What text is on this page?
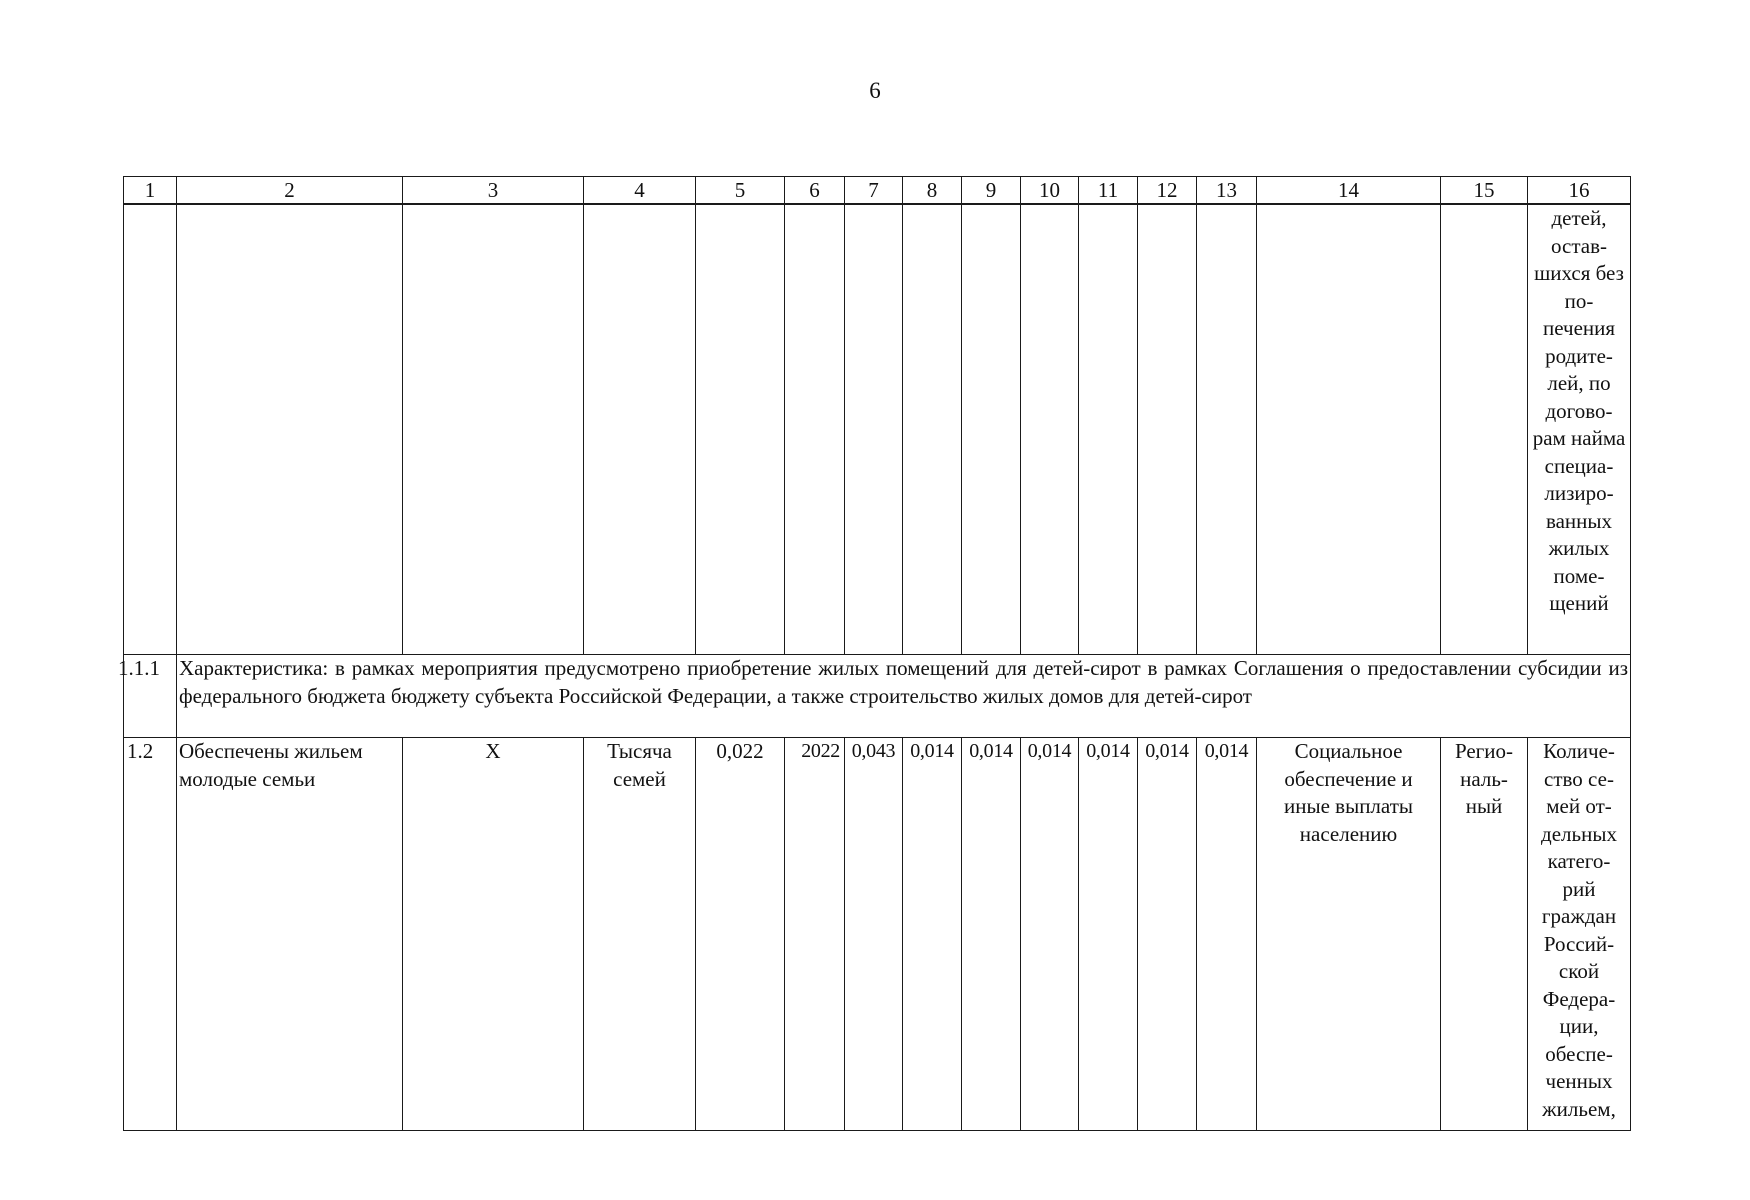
6
1	2	3	4	5	6	7	8	9	10	11	12	13	14	15	16
															детей, остав- шихся без по- печения родите- лей, по догово- рам найма специа- лизиро- ванных жилых поме- щений

1.1.1	Характеристика: в рамках мероприятия предусмотрено приобретение жилых помещений для детей-сирот в рамках Соглашения о предоставлении субсидии из федерального бюджета бюджету субъекта Российской Федерации, а также строительство жилых домов для детей-сирот														
1.2	Обеспечены жильем молодые семьи	Х	Тысяча семей	0,022	2022	0,043	0,014	0,014	0,014	0,014	0,014	0,014	Социальное обеспечение и иные выплаты населению	Регио- наль- ный	Количе- ство се- мей от- дельных катего- рий граждан Россий- ской Федера- ции, обеспе- ченных жильем,
